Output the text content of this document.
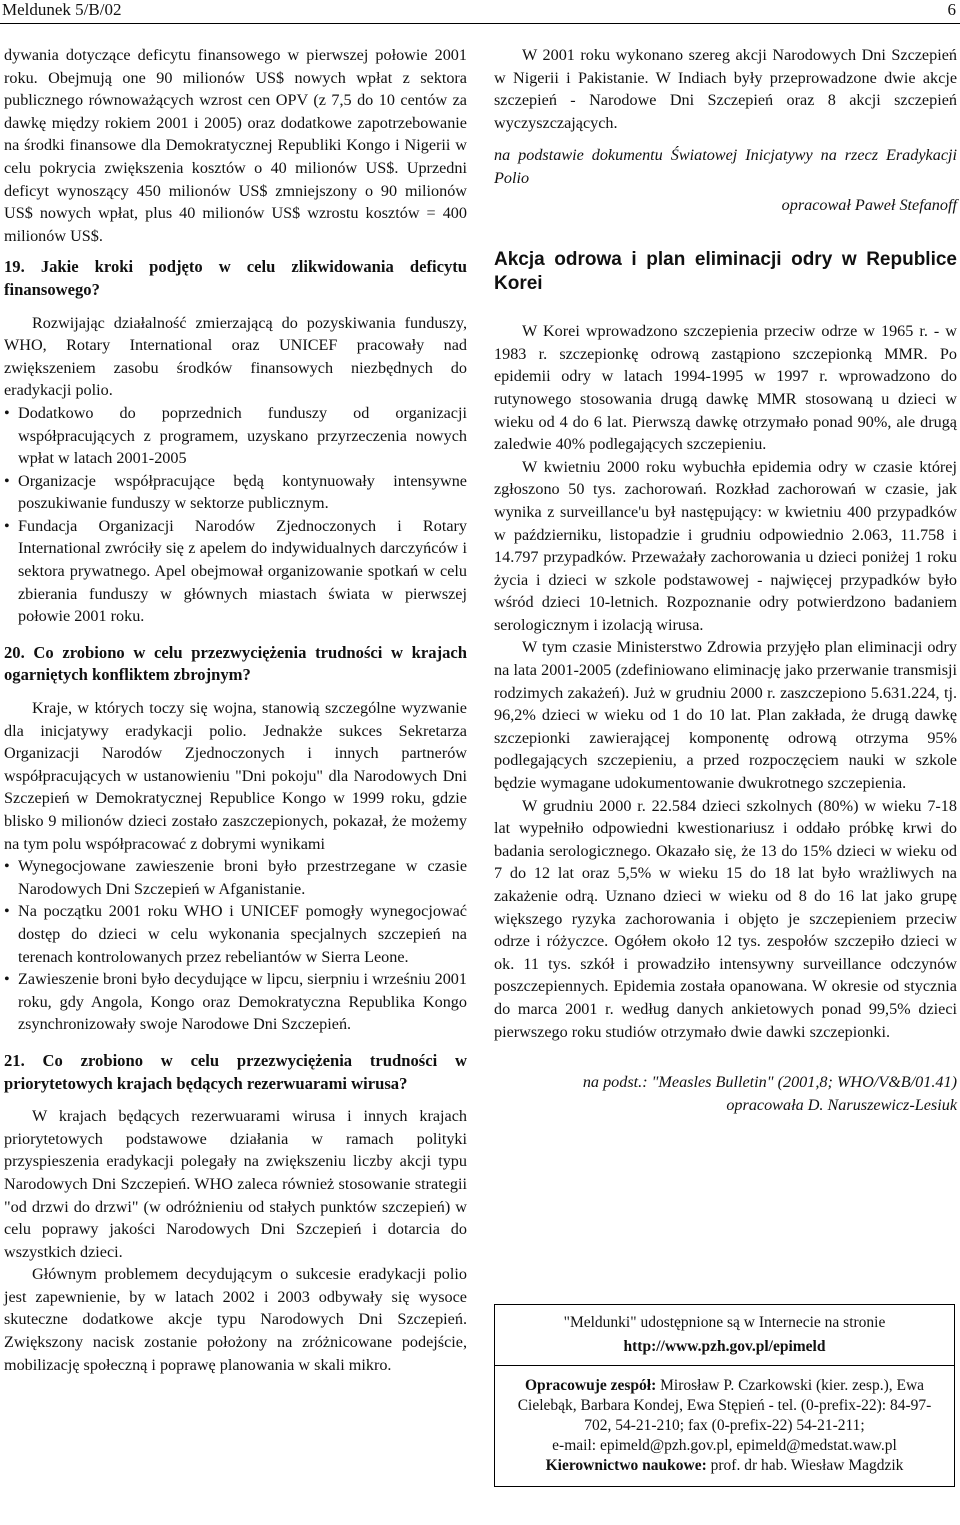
Meldunek 5/B/02	6

dywania dotyczące deficytu finansowego w pierwszej połowie 2001 roku. Obejmują one 90 milionów US$ nowych wpłat z sektora publicznego równoważących wzrost cen OPV (z 7,5 do 10 centów za dawkę między rokiem 2001 i 2005) oraz dodatkowe zapotrzebowanie na środki finansowe dla Demokratycznej Republiki Kongo i Nigerii w celu pokrycia zwiększenia kosztów o 40 milionów US$. Uprzedni deficyt wynoszący 450 milionów US$ zmniejszony o 90 milionów US$ nowych wpłat, plus 40 milionów US$ wzrostu kosztów = 400 milionów US$.

19. Jakie kroki podjęto w celu zlikwidowania deficytu finansowego?

Rozwijając działalność zmierzającą do pozyskiwania funduszy, WHO, Rotary International oraz UNICEF pracowały nad zwiększeniem zasobu środków finansowych niezbędnych do eradykacji polio.

• Dodatkowo do poprzednich funduszy od organizacji współpracujących z programem, uzyskano przyrzeczenia nowych wpłat w latach 2001-2005
• Organizacje współpracujące będą kontynuowały intensywne poszukiwanie funduszy w sektorze publicznym.
• Fundacja Organizacji Narodów Zjednoczonych i Rotary International zwróciły się z apelem do indywidualnych darczyńców i sektora prywatnego. Apel obejmował organizowanie spotkań w celu zbierania funduszy w głównych miastach świata w pierwszej połowie 2001 roku.

20. Co zrobiono w celu przezwyciężenia trudności w krajach ogarniętych konfliktem zbrojnym?

Kraje, w których toczy się wojna, stanowią szczególne wyzwanie dla inicjatywy eradykacji polio. Jednakże sukces Sekretarza Organizacji Narodów Zjednoczonych i innych partnerów współpracujących w ustanowieniu "Dni pokoju" dla Narodowych Dni Szczepień w Demokratycznej Republice Kongo w 1999 roku, gdzie blisko 9 milionów dzieci zostało zaszczepionych, pokazał, że możemy na tym polu współpracować z dobrymi wynikami

• Wynegocjowane zawieszenie broni było przestrzegane w czasie Narodowych Dni Szczepień w Afganistanie.
• Na początku 2001 roku WHO i UNICEF pomogły wynegocjować dostęp do dzieci w celu wykonania specjalnych szczepień na terenach kontrolowanych przez rebeliantów w Sierra Leone.
• Zawieszenie broni było decydujące w lipcu, sierpniu i wrześniu 2001 roku, gdy Angola, Kongo oraz Demokratyczna Republika Kongo zsynchronizowały swoje Narodowe Dni Szczepień.

21. Co zrobiono w celu przezwyciężenia trudności w priorytetowych krajach będących rezerwuarami wirusa?

W krajach będących rezerwuarami wirusa i innych krajach priorytetowych podstawowe działania w ramach polityki przyspieszenia eradykacji polegały na zwiększeniu liczby akcji typu Narodowych Dni Szczepień. WHO zaleca również stosowanie strategii "od drzwi do drzwi" (w odróżnieniu od stałych punktów szczepień) w celu poprawy jakości Narodowych Dni Szczepień i dotarcia do wszystkich dzieci.

Głównym problemem decydującym o sukcesie eradykacji polio jest zapewnienie, by w latach 2002 i 2003 odbywały się wysoce skuteczne dodatkowe akcje typu Narodowych Dni Szczepień. Zwiększony nacisk zostanie położony na zróżnicowane podejście, mobilizację społeczną i poprawę planowania w skali mikro.

W 2001 roku wykonano szereg akcji Narodowych Dni Szczepień w Nigerii i Pakistanie. W Indiach były przeprowadzone dwie akcje szczepień - Narodowe Dni Szczepień oraz 8 akcji szczepień wyczyszczających.

na podstawie dokumentu Światowej Inicjatywy na rzecz Eradykacji Polio

opracował Paweł Stefanoff

Akcja odrowa i plan eliminacji odry w Republice Korei

W Korei wprowadzono szczepienia przeciw odrze w 1965 r. - w 1983 r. szczepionkę odrową zastąpiono szczepionką MMR. Po epidemii odry w latach 1994-1995 w 1997 r. wprowadzono do rutynowego stosowania drugą dawkę MMR stosowaną u dzieci w wieku od 4 do 6 lat. Pierwszą dawkę otrzymało ponad 90%, ale drugą zaledwie 40% podlegających szczepieniu.

W kwietniu 2000 roku wybuchła epidemia odry w czasie której zgłoszono 50 tys. zachorowań. Rozkład zachorowań w czasie, jak wynika z surveillance'u był następujący: w kwietniu 400 przypadków w październiku, listopadzie i grudniu odpowiednio 2.063, 11.758 i 14.797 przypadków. Przeważały zachorowania u dzieci poniżej 1 roku życia i dzieci w szkole podstawowej - najwięcej przypadków było wśród dzieci 10-letnich. Rozpoznanie odry potwierdzono badaniem serologicznym i izolacją wirusa.

W tym czasie Ministerstwo Zdrowia przyjęło plan eliminacji odry na lata 2001-2005 (zdefiniowano eliminację jako przerwanie transmisji rodzimych zakażeń). Już w grudniu 2000 r. zaszczepiono 5.631.224, tj. 96,2% dzieci w wieku od 1 do 10 lat. Plan zakłada, że drugą dawkę szczepionki zawierającej komponentę odrową otrzyma 95% podlegających szczepieniu, a przed rozpoczęciem nauki w szkole będzie wymagane udokumentowanie dwukrotnego szczepienia.

W grudniu 2000 r. 22.584 dzieci szkolnych (80%) w wieku 7-18 lat wypełniło odpowiedni kwestionariusz i oddało próbkę krwi do badania serologicznego. Okazało się, że 13 do 15% dzieci w wieku od 7 do 12 lat oraz 5,5% w wieku 15 do 18 lat było wrażliwych na zakażenie odrą. Uznano dzieci w wieku od 8 do 16 lat jako grupę większego ryzyka zachorowania i objęto je szczepieniem przeciw odrze i różyczce. Ogółem około 12 tys. zespołów szczepiło dzieci w ok. 11 tys. szkół i prowadziło intensywny surveillance odczynów poszczepiennych. Epidemia została opanowana. W okresie od stycznia do marca 2001 r. według danych ankietowych ponad 99,5% dzieci pierwszego roku studiów otrzymało dwie dawki szczepionki.

na podst.: "Measles Bulletin" (2001,8; WHO/V&B/01.41)

opracowała D. Naruszewicz-Lesiuk

"Meldunki" udostępnione są w Internecie na stronie
http://www.pzh.gov.pl/epimeld
Opracowuje zespół: Mirosław P. Czarkowski (kier. zesp.), Ewa Cielebąk, Barbara Kondej, Ewa Stępień - tel. (0-prefix-22): 84-97-702, 54-21-210; fax (0-prefix-22) 54-21-211;
e-mail: epimeld@pzh.gov.pl, epimeld@medstat.waw.pl
Kierownictwo naukowe: prof. dr hab. Wiesław Magdzik
